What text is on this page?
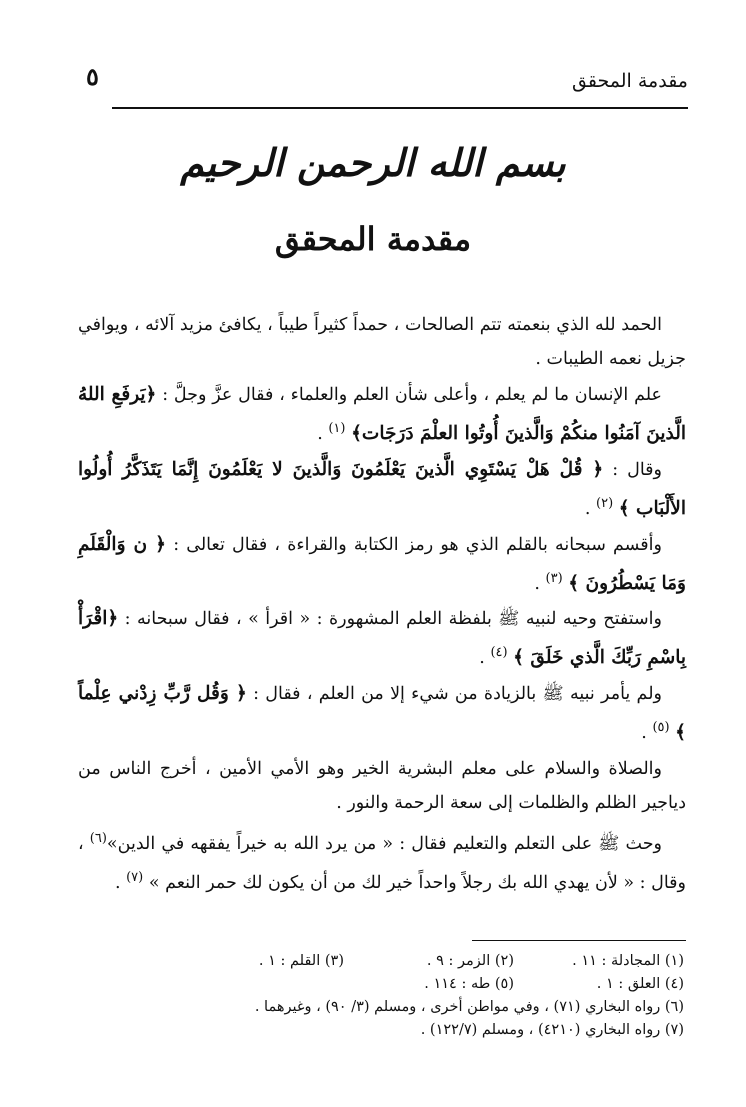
مقدمة المحقق
٥
بسم الله الرحمن الرحيم
مقدمة المحقق

الحمد لله الذي بنعمته تتم الصالحات ، حمداً كثيراً طيباً ، يكافئ مزيد آلائه ، ويوافي جزيل نعمه الطيبات .

علم الإنسان ما لم يعلم ، وأعلى شأن العلم والعلماء ، فقال عزَّ وجلَّ : ﴿يَرفَعِ اللهُ الَّذينَ آمَنُوا منكُمْ وَالَّذينَ أُوتُوا العلْمَ دَرَجَات﴾ $^{(١)}$ .

وقال : ﴿ قُلْ هَلْ يَسْتَوِي الَّذينَ يَعْلَمُونَ وَالَّذينَ لا يَعْلَمُونَ إِنَّمَا يَتَذَكَّرُ أُولُوا الأَلْبَاب ﴾ $^{(٢)}$ .

وأقسم سبحانه بالقلم الذي هو رمز الكتابة والقراءة ، فقال تعالى : ﴿ ن وَالْقَلَمِ وَمَا يَسْطُرُونَ ﴾ $^{(٣)}$ .

واستفتح وحيه لنبيه ﷺ بلفظة العلم المشهورة : « اقرأ » ، فقال سبحانه : ﴿اقْرَأْ بِاسْمِ رَبِّكَ الَّذي خَلَقَ ﴾ $^{(٤)}$ .

ولم يأمر نبيه ﷺ بالزيادة من شيء إلا من العلم ، فقال : ﴿ وَقُل رَّبِّ زِدْني عِلْماً ﴾ $^{(٥)}$ .

والصلاة والسلام على معلم البشرية الخير وهو الأمي الأمين ، أخرج الناس من دياجير الظلم والظلمات إلى سعة الرحمة والنور .

وحث ﷺ على التعلم والتعليم فقال : « من يرد الله به خيراً يفقهه في الدين»$^{(٦)}$ ، وقال : « لأن يهدي الله بك رجلاً واحداً خير لك من أن يكون لك حمر النعم » $^{(٧)}$ .

(١) المجادلة : ١١ .
(٢) الزمر : ٩ .
(٣) القلم : ١ .
(٤) العلق : ١ .
(٥) طه : ١١٤ .
(٦) رواه البخاري (٧١) ، وفي مواطن أخرى ، ومسلم (٣/ ٩٠) ، وغيرهما .
(٧) رواه البخاري (٤٢١٠) ، ومسلم (١٢٢/٧) .
